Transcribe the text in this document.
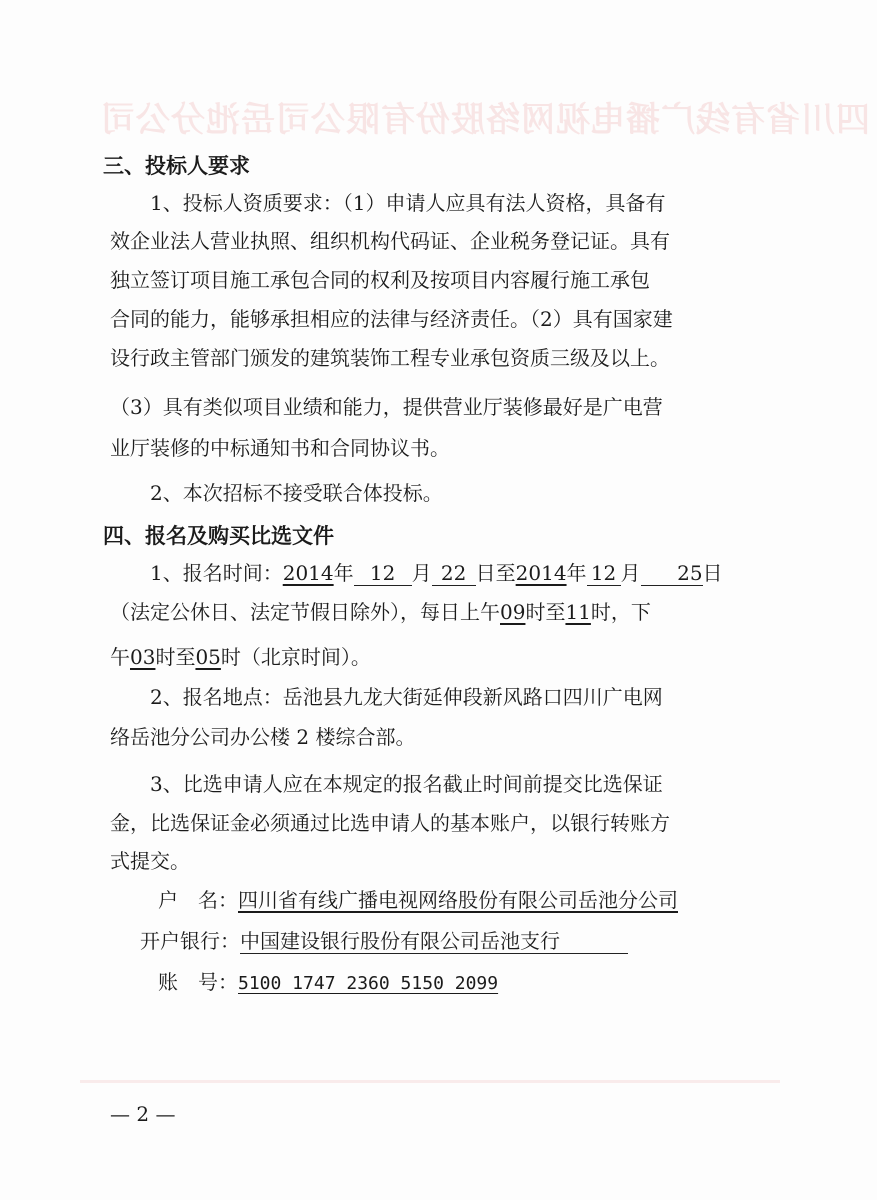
四川省有线广播电视网络股份有限公司岳池分公司
三、投标人要求
1、投标人资质要求：（1）申请人应具有法人资格，具备有
效企业法人营业执照、组织机构代码证、企业税务登记证。具有
独立签订项目施工承包合同的权利及按项目内容履行施工承包
合同的能力，能够承担相应的法律与经济责任。（2）具有国家建
设行政主管部门颁发的建筑装饰工程专业承包资质三级及以上。
（3）具有类似项目业绩和能力，提供营业厅装修最好是广电营
业厅装修的中标通知书和合同协议书。
2、本次招标不接受联合体投标。
四、报名及购买比选文件
1、报名时间：2014年 12 月 22 日至2014年 12 月 25日
（法定公休日、法定节假日除外），每日上午09时至11时，下
午03时至05时（北京时间）。
2、报名地点：岳池县九龙大街延伸段新风路口四川广电网
络岳池分公司办公楼 2 楼综合部。
3、比选申请人应在本规定的报名截止时间前提交比选保证
金，比选保证金必须通过比选申请人的基本账户，以银行转账方
式提交。
户　名：四川省有线广播电视网络股份有限公司岳池分公司
开户银行：中国建设银行股份有限公司岳池支行
账　号：5100 1747 2360 5150 2099
— 2 —
